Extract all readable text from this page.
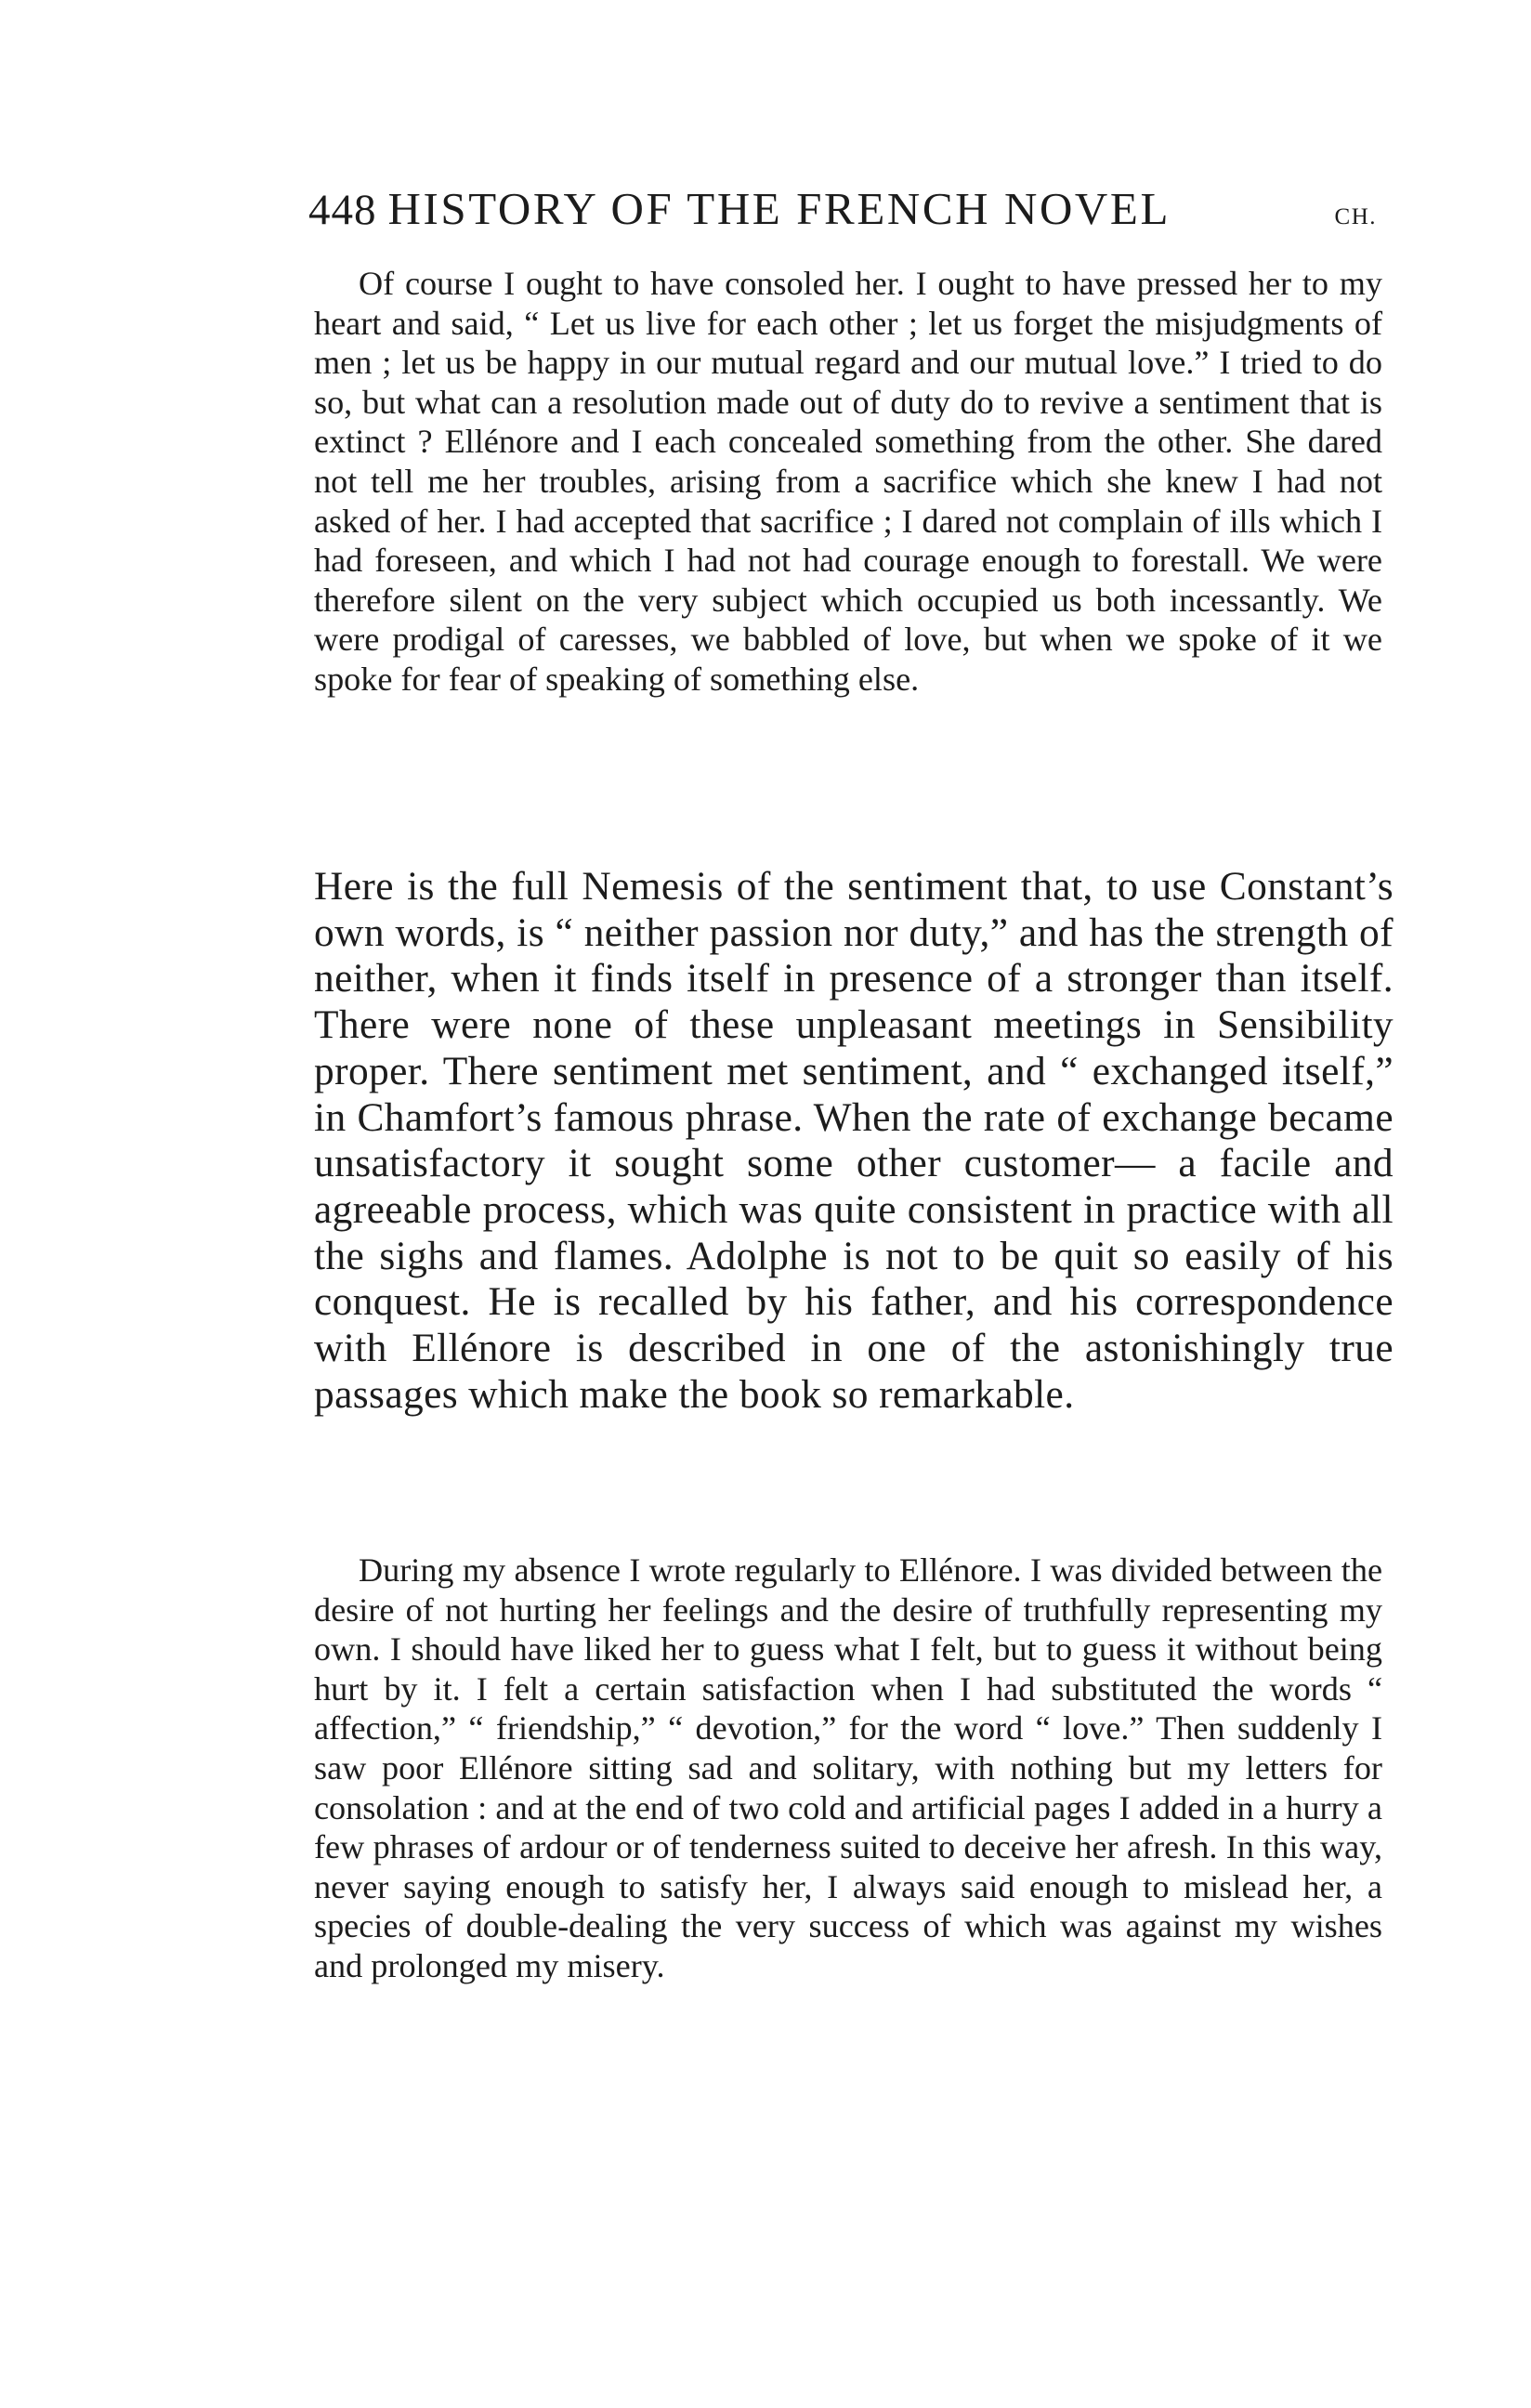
448 HISTORY OF THE FRENCH NOVEL	CH.

Of course I ought to have consoled her. I ought to have pressed her to my heart and said, “ Let us live for each other ; let us forget the misjudgments of men ; let us be happy in our mutual regard and our mutual love.” I tried to do so, but what can a resolution made out of duty do to revive a sentiment that is extinct ? Ellénore and I each concealed something from the other. She dared not tell me her troubles, arising from a sacrifice which she knew I had not asked of her. I had accepted that sacrifice ; I dared not complain of ills which I had foreseen, and which I had not had courage enough to forestall. We were therefore silent on the very subject which occupied us both incessantly. We were prodigal of caresses, we babbled of love, but when we spoke of it we spoke for fear of speaking of something else.

Here is the full Nemesis of the sentiment that, to use Constant’s own words, is “ neither passion nor duty,” and has the strength of neither, when it finds itself in presence of a stronger than itself. There were none of these unpleasant meetings in Sensibility proper. There sentiment met sentiment, and “ exchanged itself,” in Chamfort’s famous phrase. When the rate of exchange became unsatisfactory it sought some other customer— a facile and agreeable process, which was quite consistent in practice with all the sighs and flames. Adolphe is not to be quit so easily of his conquest. He is recalled by his father, and his correspondence with Ellénore is described in one of the astonishingly true passages which make the book so remarkable.

During my absence I wrote regularly to Ellénore. I was divided between the desire of not hurting her feelings and the desire of truthfully representing my own. I should have liked her to guess what I felt, but to guess it without being hurt by it. I felt a certain satisfaction when I had substituted the words “ affection,” “ friendship,” “ devotion,” for the word “ love.” Then suddenly I saw poor Ellénore sitting sad and solitary, with nothing but my letters for consolation : and at the end of two cold and artificial pages I added in a hurry a few phrases of ardour or of tenderness suited to deceive her afresh. In this way, never saying enough to satisfy her, I always said enough to mislead her, a species of double-dealing the very success of which was against my wishes and prolonged my misery.
